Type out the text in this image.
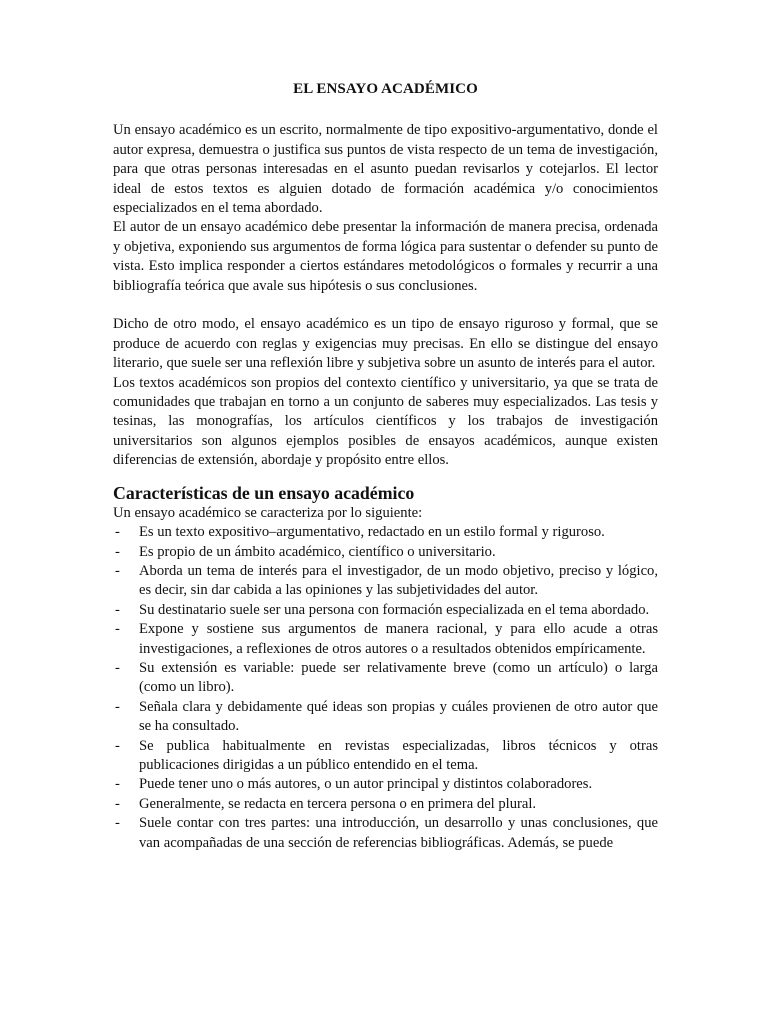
EL ENSAYO ACADÉMICO

Un ensayo académico es un escrito, normalmente de tipo expositivo-argumentativo, donde el autor expresa, demuestra o justifica sus puntos de vista respecto de un tema de investigación, para que otras personas interesadas en el asunto puedan revisarlos y cotejarlos. El lector ideal de estos textos es alguien dotado de formación académica y/o conocimientos especializados en el tema abordado.

El autor de un ensayo académico debe presentar la información de manera precisa, ordenada y objetiva, exponiendo sus argumentos de forma lógica para sustentar o defender su punto de vista. Esto implica responder a ciertos estándares metodológicos o formales y recurrir a una bibliografía teórica que avale sus hipótesis o sus conclusiones.

Dicho de otro modo, el ensayo académico es un tipo de ensayo riguroso y formal, que se produce de acuerdo con reglas y exigencias muy precisas. En ello se distingue del ensayo literario, que suele ser una reflexión libre y subjetiva sobre un asunto de interés para el autor.

Los textos académicos son propios del contexto científico y universitario, ya que se trata de comunidades que trabajan en torno a un conjunto de saberes muy especializados. Las tesis y tesinas, las monografías, los artículos científicos y los trabajos de investigación universitarios son algunos ejemplos posibles de ensayos académicos, aunque existen diferencias de extensión, abordaje y propósito entre ellos.

Características de un ensayo académico

Un ensayo académico se caracteriza por lo siguiente:

- Es un texto expositivo–argumentativo, redactado en un estilo formal y riguroso.
- Es propio de un ámbito académico, científico o universitario.
- Aborda un tema de interés para el investigador, de un modo objetivo, preciso y lógico, es decir, sin dar cabida a las opiniones y las subjetividades del autor.
- Su destinatario suele ser una persona con formación especializada en el tema abordado.
- Expone y sostiene sus argumentos de manera racional, y para ello acude a otras investigaciones, a reflexiones de otros autores o a resultados obtenidos empíricamente.
- Su extensión es variable: puede ser relativamente breve (como un artículo) o larga (como un libro).
- Señala clara y debidamente qué ideas son propias y cuáles provienen de otro autor que se ha consultado.
- Se publica habitualmente en revistas especializadas, libros técnicos y otras publicaciones dirigidas a un público entendido en el tema.
- Puede tener uno o más autores, o un autor principal y distintos colaboradores.
- Generalmente, se redacta en tercera persona o en primera del plural.
- Suele contar con tres partes: una introducción, un desarrollo y unas conclusiones, que van acompañadas de una sección de referencias bibliográficas. Además, se puede
